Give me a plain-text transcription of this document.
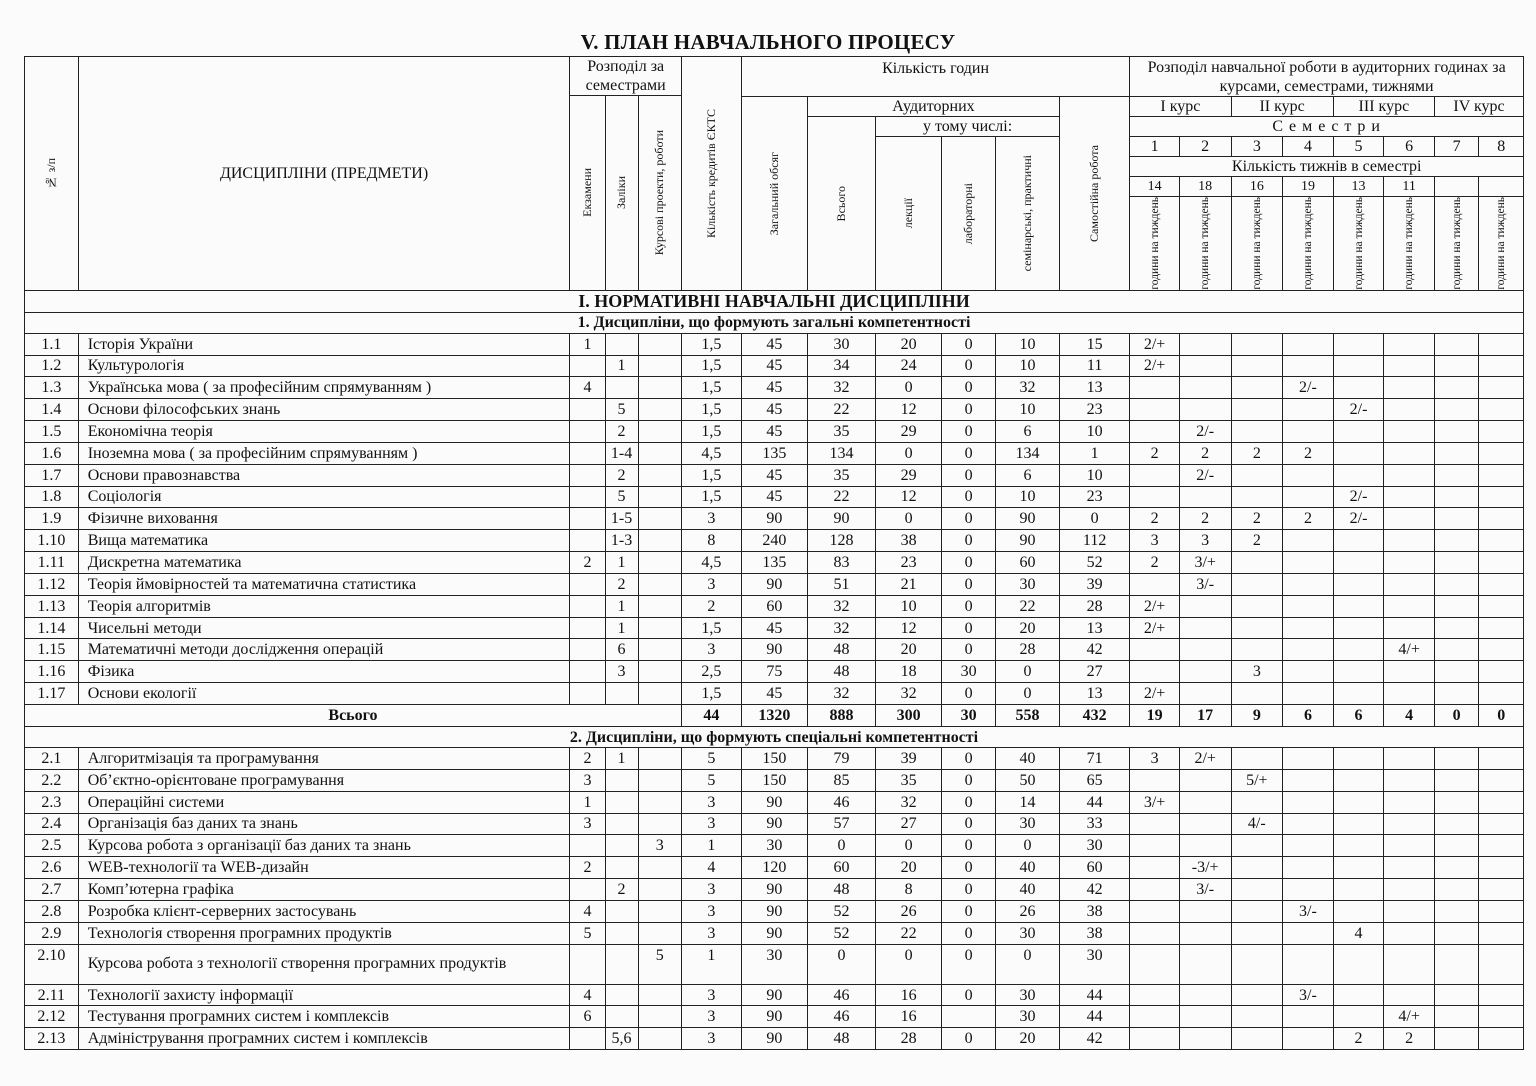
V. ПЛАН НАВЧАЛЬНОГО ПРОЦЕСУ
№ з/п	ДИСЦИПЛІНИ (ПРЕДМЕТИ)	Розподіл за семестрами			Кількість кредитів ЄКТС	Кількість годин						Розподіл навчальної роботи в аудиторних годинах за курсами, семестрами, тижнями							

		Екзамени	Заліки	Курсові проекти, роботи															

						Загальний обсяг	Аудиторних				Самостійна робота	І курс		ІІ курс		ІІІ курс		ІV курс	

							Всього	у тому числі:				С е м е с т р и							

								лекції	лабораторні	семінарські, практичні		1	2	3	4	5	6	7	8
												Кількість тижнів в семестрі							
												14	18	16	19	13	11		

												години на тиждень	години на тиждень	години на тиждень	години на тиждень	години на тиждень	години на тиждень	години на тиждень	години на тиждень

І. НОРМАТИВНІ НАВЧАЛЬНІ ДИСЦИПЛІНИ																			
1. Дисципліни, що формують загальні компетентності																			
1.1	Історія України	1			1,5	45	30	20	0	10	15	2/+							
1.2	Культурологія		1		1,5	45	34	24	0	10	11	2/+							
1.3	Українська мова ( за професійним спрямуванням )	4			1,5	45	32	0	0	32	13				2/-				
1.4	Основи філософських знань		5		1,5	45	22	12	0	10	23					2/-			
1.5	Економічна теорія		2		1,5	45	35	29	0	6	10		2/-						
1.6	Іноземна мова ( за професійним спрямуванням )		1-4		4,5	135	134	0	0	134	1	2	2	2	2				
1.7	Основи правознавства		2		1,5	45	35	29	0	6	10		2/-						
1.8	Соціологія		5		1,5	45	22	12	0	10	23					2/-			
1.9	Фізичне виховання		1-5		3	90	90	0	0	90	0	2	2	2	2	2/-			
1.10	Вища математика		1-3		8	240	128	38	0	90	112	3	3	2					
1.11	Дискретна математика	2	1		4,5	135	83	23	0	60	52	2	3/+						
1.12	Теорія ймовірностей та математична статистика		2		3	90	51	21	0	30	39		3/-						
1.13	Теорія алгоритмів		1		2	60	32	10	0	22	28	2/+							
1.14	Чисельні методи		1		1,5	45	32	12	0	20	13	2/+							
1.15	Математичні методи дослідження операцій		6		3	90	48	20	0	28	42						4/+		
1.16	Фізика		3		2,5	75	48	18	30	0	27			3					
1.17	Основи екології				1,5	45	32	32	0	0	13	2/+							
Всього					44	1320	888	300	30	558	432	19	17	9	6	6	4	0	0
2. Дисципліни, що формують спеціальні компетентності																			
2.1	Алгоритмізація та програмування	2	1		5	150	79	39	0	40	71	3	2/+						
2.2	Об’єктно-орієнтоване програмування	3			5	150	85	35	0	50	65			5/+					
2.3	Операційні системи	1			3	90	46	32	0	14	44	3/+							
2.4	Організація баз даних та знань	3			3	90	57	27	0	30	33			4/-					
2.5	Курсова робота з організації баз даних та знань			3	1	30	0	0	0	0	30								
2.6	WEB-технології та WEB-дизайн	2			4	120	60	20	0	40	60		-3/+						
2.7	Комп’ютерна графіка		2		3	90	48	8	0	40	42		3/-						
2.8	Розробка клієнт-серверних застосувань	4			3	90	52	26	0	26	38				3/-				
2.9	Технологія створення програмних продуктів	5			3	90	52	22	0	30	38					4			
2.10	Курсова робота з технології створення програмних продуктів			5	1	30	0	0	0	0	30								
2.11	Технології захисту інформації	4			3	90	46	16	0	30	44				3/-				
2.12	Тестування програмних систем і комплексів	6			3	90	46	16		30	44						4/+		
2.13	Адміністрування програмних систем і комплексів		5,6		3	90	48	28	0	20	42					2	2		
